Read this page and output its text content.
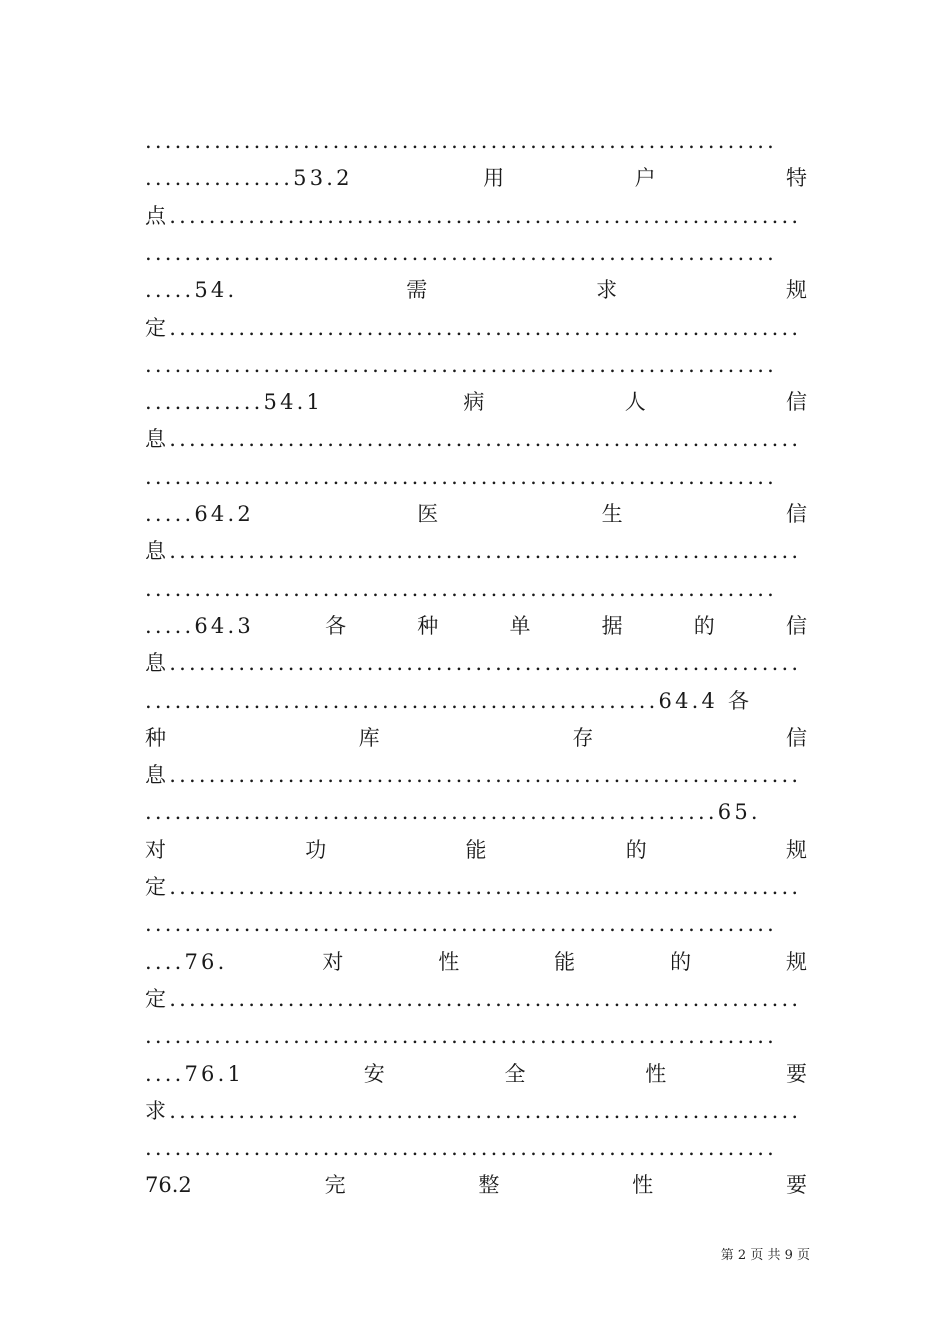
................................................................
...............53.2	用	户	特
点................................................................
................................................................
.....54.	需	求	规
定................................................................
................................................................
............54.1	病	人	信
息................................................................
................................................................
.....64.2	医	生	信
息................................................................
................................................................
.....64.3	各	种	单	据	的	信
息................................................................
....................................................64.4 各
种	库	存	信
息................................................................
..........................................................65.
对	功	能	的	规
定................................................................
................................................................
....76.	对	性	能	的	规
定................................................................
................................................................
....76.1	安	全	性	要
求................................................................
................................................................
76.2	完	整	性	要
第 2 页 共 9 页
